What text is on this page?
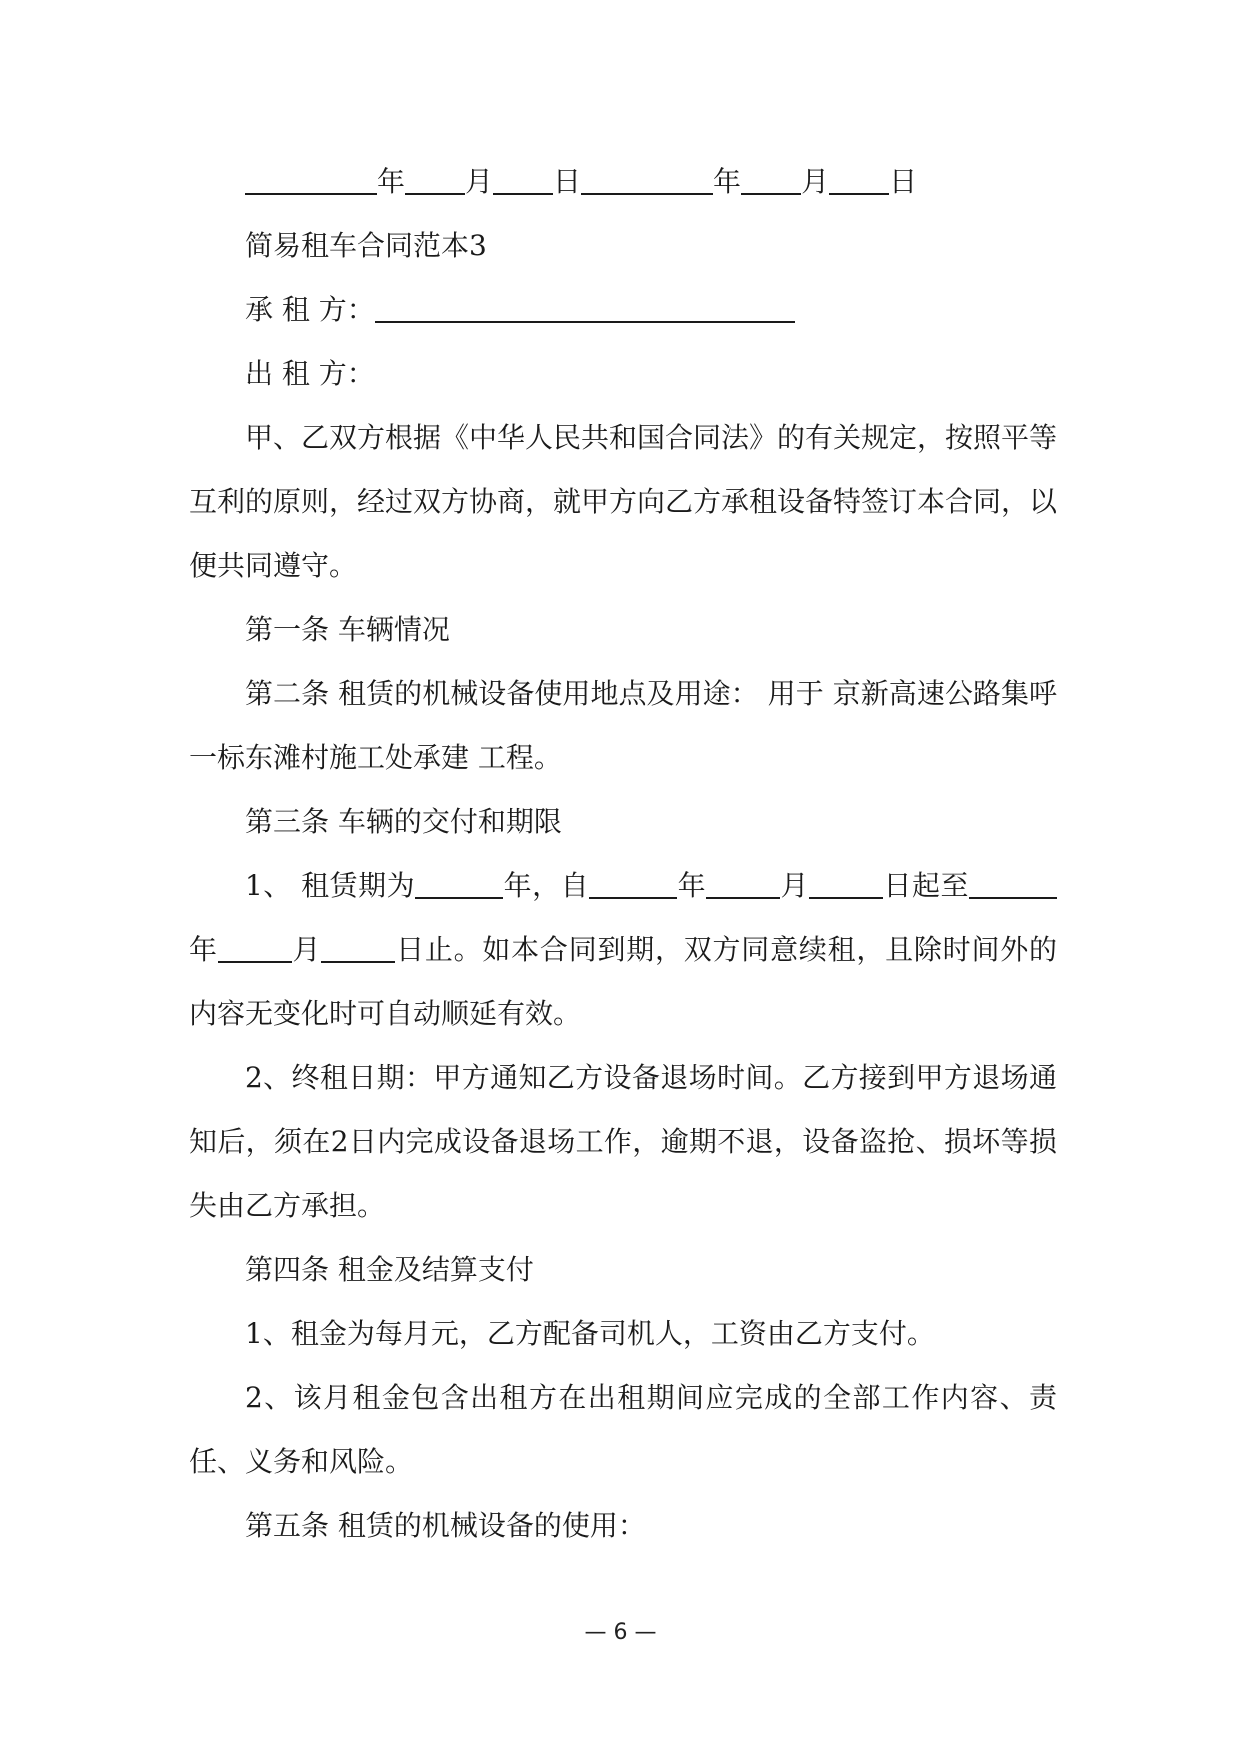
年 月 日	年 月 日

简易租车合同范本3

承 租 方：

出 租 方：

甲、乙双方根据《中华人民共和国合同法》的有关规定，按照平等互利的原则，经过双方协商，就甲方向乙方承租设备特签订本合同，以便共同遵守。

第一条 车辆情况

第二条 租赁的机械设备使用地点及用途： 用于 京新高速公路集呼一标东滩村施工处承建 工程。

第三条 车辆的交付和期限

1、 租赁期为	年，自	年	月	日起至年	月	日止。如本合同到期，双方同意续租，且除时间外的内容无变化时可自动顺延有效。

2、终租日期：甲方通知乙方设备退场时间。乙方接到甲方退场通知后，须在2日内完成设备退场工作，逾期不退，设备盗抢、损坏等损失由乙方承担。

第四条 租金及结算支付

1、租金为每月元，乙方配备司机人，工资由乙方支付。

2、该月租金包含出租方在出租期间应完成的全部工作内容、责任、义务和风险。

第五条 租赁的机械设备的使用：

— 6 —
